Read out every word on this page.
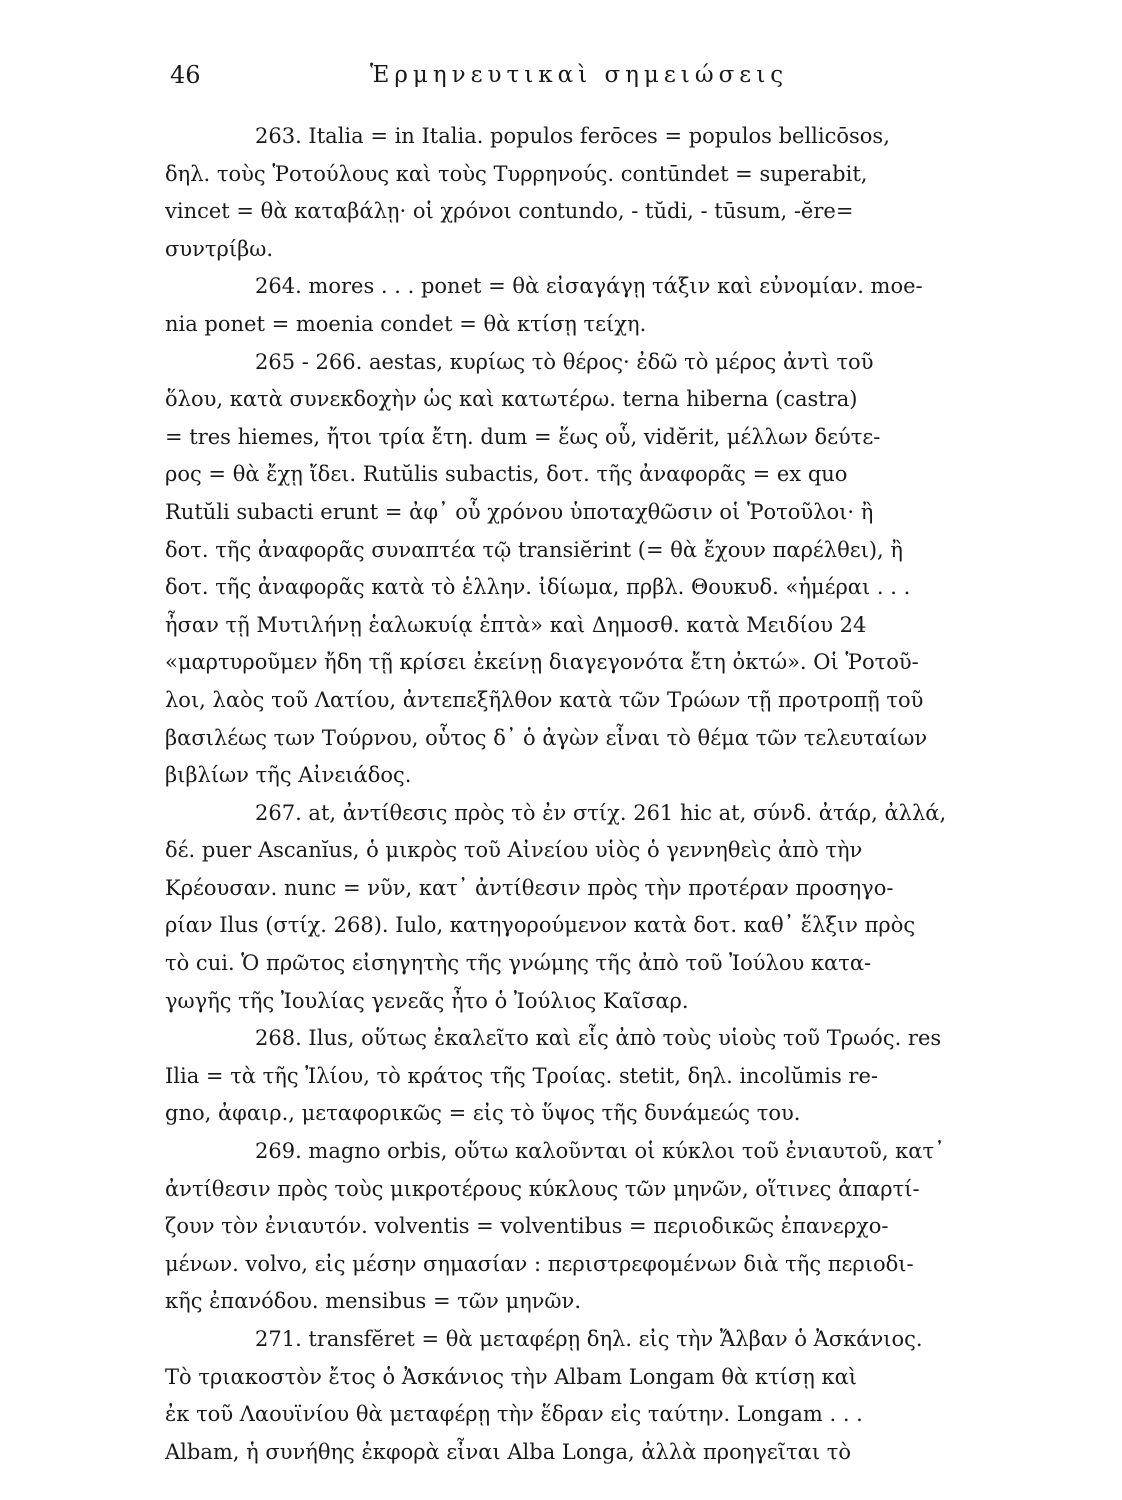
46	Ἑρμηνευτικαὶ σημειώσεις
263. Italia = in Italia. populos ferōces = populos bellicōsos,
δηλ. τοὺς Ῥοτούλους καὶ τοὺς Τυρρηνούς. contūndet = superabit,
vincet = θὰ καταβάλῃ· οἱ χρόνοι contundo, - tŭdi, - tūsum, -ĕre=
συντρίβω.
264. mores . . . ponet = θὰ εἰσαγάγῃ τάξιν καὶ εὐνομίαν. moe-
nia ponet = moenia condet = θὰ κτίσῃ τείχη.
265 - 266. aestas, κυρίως τὸ θέρος· ἐδῶ τὸ μέρος ἀντὶ τοῦ
ὅλου, κατὰ συνεκδοχὴν ὡς καὶ κατωτέρω. terna hiberna (castra)
= tres hiemes, ἤτοι τρία ἔτη. dum = ἕως οὗ, vidĕrit, μέλλων δεύτε-
ρος = θὰ ἔχῃ ἴδει. Rutŭlis subactis, δοτ. τῆς ἀναφορᾶς = ex quo
Rutŭli subacti erunt = ἀφ᾽ οὗ χρόνου ὑποταχθῶσιν οἱ Ῥοτοῦλοι· ἢ
δοτ. τῆς ἀναφορᾶς συναπτέα τῷ transiĕrint (= θὰ ἔχουν παρέλθει), ἢ
δοτ. τῆς ἀναφορᾶς κατὰ τὸ ἑλλην. ἰδίωμα, πρβλ. Θουκυδ. «ἡμέραι . . .
ἦσαν τῇ Μυτιλήνῃ ἑαλωκυίᾳ ἑπτὰ» καὶ Δημοσθ. κατὰ Μειδίου 24
«μαρτυροῦμεν ἤδη τῇ κρίσει ἐκείνῃ διαγεγονότα ἔτη ὀκτώ». Οἱ Ῥοτοῦ-
λοι, λαὸς τοῦ Λατίου, ἀντεπεξῆλθον κατὰ τῶν Τρώων τῇ προτροπῇ τοῦ
βασιλέως των Τούρνου, οὗτος δ᾽ ὁ ἀγὼν εἶναι τὸ θέμα τῶν τελευταίων
βιβλίων τῆς Αἰνειάδος.
267. at, ἀντίθεσις πρὸς τὸ ἐν στίχ. 261 hic at, σύνδ. ἀτάρ, ἀλλά,
δέ. puer Ascanĭus, ὁ μικρὸς τοῦ Αἰνείου υἱὸς ὁ γεννηθεὶς ἀπὸ τὴν
Κρέουσαν. nunc = νῦν, κατ᾽ ἀντίθεσιν πρὸς τὴν προτέραν προσηγο-
ρίαν Ilus (στίχ. 268). Iulo, κατηγορούμενον κατὰ δοτ. καθ᾽ ἕλξιν πρὸς
τὸ cui. Ὁ πρῶτος εἰσηγητὴς τῆς γνώμης τῆς ἀπὸ τοῦ Ἰούλου κατα-
γωγῆς τῆς Ἰουλίας γενεᾶς ἦτο ὁ Ἰούλιος Καῖσαρ.
268. Ilus, οὕτως ἐκαλεῖτο καὶ εἷς ἀπὸ τοὺς υἱοὺς τοῦ Τρωός. res
Ilia = τὰ τῆς Ἰλίου, τὸ κράτος τῆς Τροίας. stetit, δηλ. incolŭmis re-
gno, ἀφαιρ., μεταφορικῶς = εἰς τὸ ὕψος τῆς δυνάμεώς του.
269. magno orbis, οὕτω καλοῦνται οἱ κύκλοι τοῦ ἐνιαυτοῦ, κατ᾽
ἀντίθεσιν πρὸς τοὺς μικροτέρους κύκλους τῶν μηνῶν, οἵτινες ἀπαρτί-
ζουν τὸν ἐνιαυτόν. volventis = volventibus = περιοδικῶς ἐπανερχο-
μένων. volvo, εἰς μέσην σημασίαν : περιστρεφομένων διὰ τῆς περιοδι-
κῆς ἐπανόδου. mensibus = τῶν μηνῶν.
271. transfĕret = θὰ μεταφέρῃ δηλ. εἰς τὴν Ἄλβαν ὁ Ἀσκάνιος.
Τὸ τριακοστὸν ἔτος ὁ Ἀσκάνιος τὴν Albam Longam θὰ κτίσῃ καὶ
ἐκ τοῦ Λαουϊνίου θὰ μεταφέρῃ τὴν ἕδραν εἰς ταύτην. Longam . . .
Albam, ἡ συνήθης ἐκφορὰ εἶναι Alba Longa, ἀλλὰ προηγεῖται τὸ
